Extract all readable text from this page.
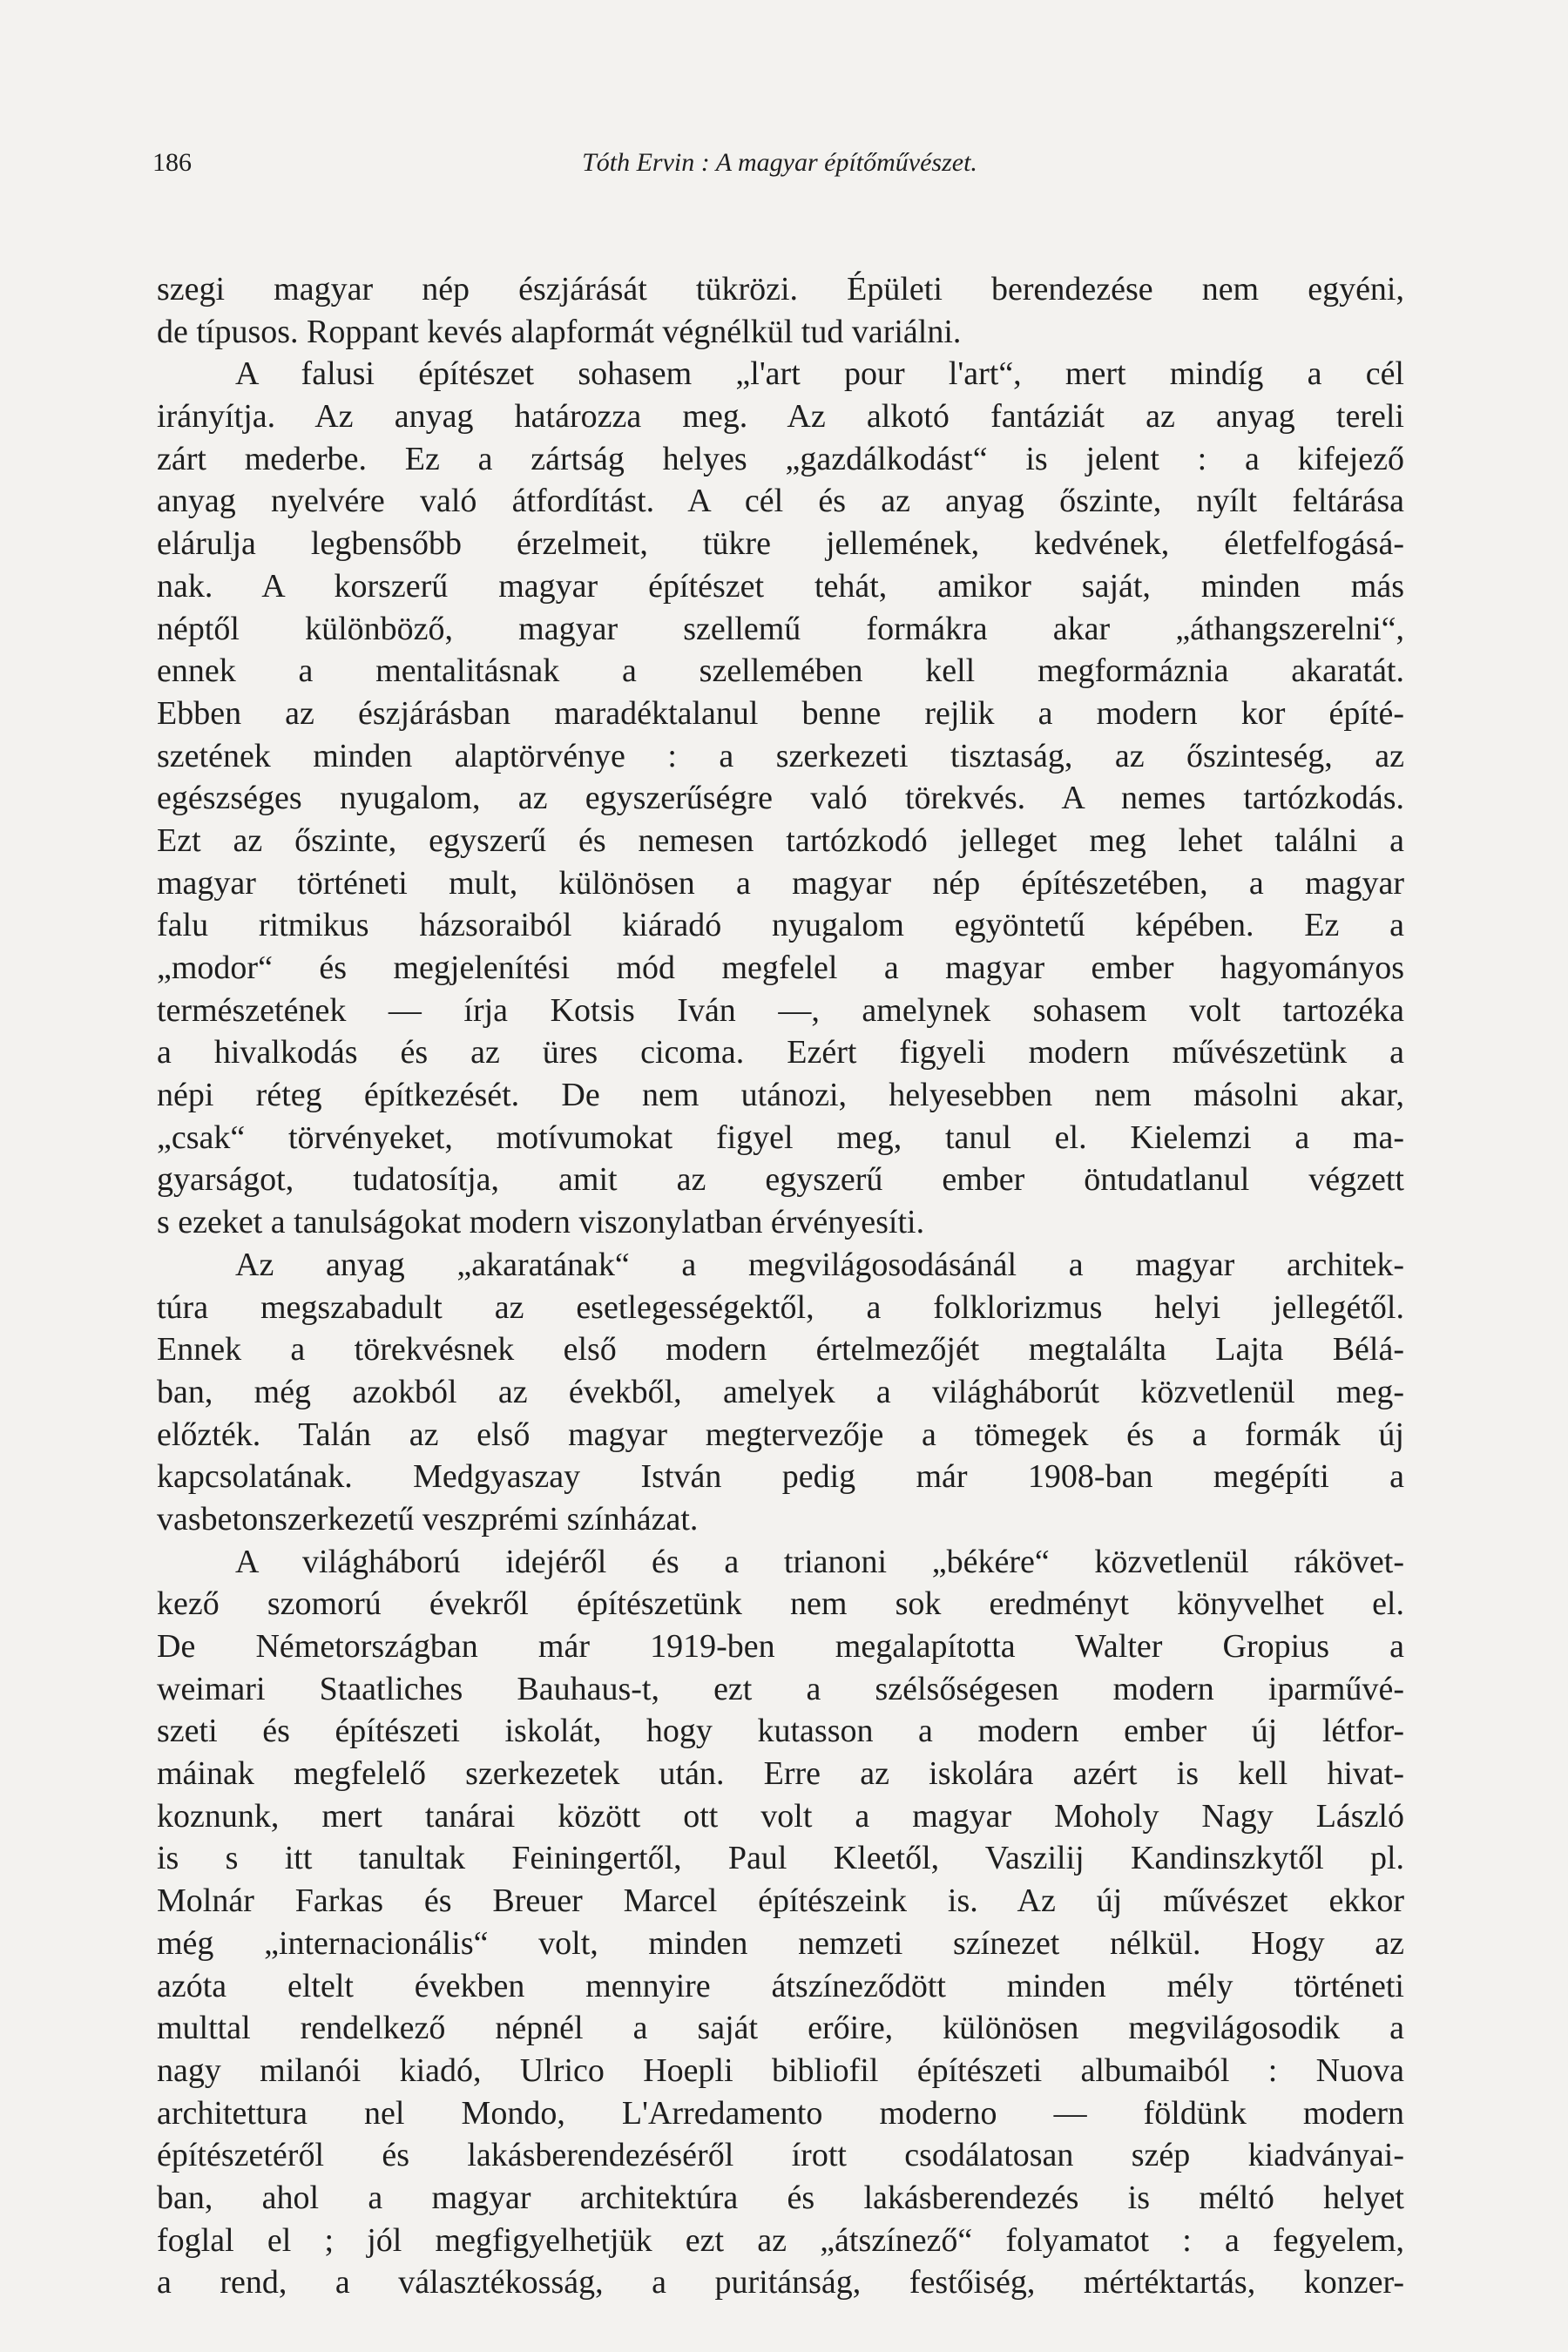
186	Tóth Ervin : A magyar építőművészet.
szegi magyar nép észjárását tükrözi. Épületi berendezése nem egyéni,
de típusos. Roppant kevés alapformát végnélkül tud variálni.
A falusi építészet sohasem „l'art pour l'art“, mert mindíg a cél
irányítja. Az anyag határozza meg. Az alkotó fantáziát az anyag tereli
zárt mederbe. Ez a zártság helyes „gazdálkodást“ is jelent : a kifejező
anyag nyelvére való átfordítást. A cél és az anyag őszinte, nyílt feltárása
elárulja legbensőbb érzelmeit, tükre jellemének, kedvének, életfelfogásá-
nak. A korszerű magyar építészet tehát, amikor saját, minden más
néptől különböző, magyar szellemű formákra akar „áthangszerelni“,
ennek a mentalitásnak a szellemében kell megformáznia akaratát.
Ebben az észjárásban maradéktalanul benne rejlik a modern kor építé-
szetének minden alaptörvénye : a szerkezeti tisztaság, az őszinteség, az
egészséges nyugalom, az egyszerűségre való törekvés. A nemes tartózkodás.
Ezt az őszinte, egyszerű és nemesen tartózkodó jelleget meg lehet találni a
magyar történeti mult, különösen a magyar nép építészetében, a magyar
falu ritmikus házsoraiból kiáradó nyugalom egyöntetű képében. Ez a
„modor“ és megjelenítési mód megfelel a magyar ember hagyományos
természetének — írja Kotsis Iván —, amelynek sohasem volt tartozéka
a hivalkodás és az üres cicoma. Ezért figyeli modern művészetünk a
népi réteg építkezését. De nem utánozi, helyesebben nem másolni akar,
„csak“ törvényeket, motívumokat figyel meg, tanul el. Kielemzi a ma-
gyarságot, tudatosítja, amit az egyszerű ember öntudatlanul végzett
s ezeket a tanulságokat modern viszonylatban érvényesíti.
Az anyag „akaratának“ a megvilágosodásánál a magyar architek-
túra megszabadult az esetlegességektől, a folklorizmus helyi jellegétől.
Ennek a törekvésnek első modern értelmezőjét megtalálta Lajta Bélá-
ban, még azokból az évekből, amelyek a világháborút közvetlenül meg-
előzték. Talán az első magyar megtervezője a tömegek és a formák új
kapcsolatának. Medgyaszay István pedig már 1908-ban megépíti a
vasbetonszerkezetű veszprémi színházat.
A világháború idejéről és a trianoni „békére“ közvetlenül rákövet-
kező szomorú évekről építészetünk nem sok eredményt könyvelhet el.
De Németországban már 1919-ben megalapította Walter Gropius a
weimari Staatliches Bauhaus-t, ezt a szélsőségesen modern iparművé-
szeti és építészeti iskolát, hogy kutasson a modern ember új létfor-
máinak megfelelő szerkezetek után. Erre az iskolára azért is kell hivat-
koznunk, mert tanárai között ott volt a magyar Moholy Nagy László
is s itt tanultak Feiningertől, Paul Kleetől, Vaszilij Kandinszkytől pl.
Molnár Farkas és Breuer Marcel építészeink is. Az új művészet ekkor
még „internacionális“ volt, minden nemzeti színezet nélkül. Hogy az
azóta eltelt években mennyire átszíneződött minden mély történeti
multtal rendelkező népnél a saját erőire, különösen megvilágosodik a
nagy milanói kiadó, Ulrico Hoepli bibliofil építészeti albumaiból : Nuova
architettura nel Mondo, L'Arredamento moderno — földünk modern
építészetéről és lakásberendezéséről írott csodálatosan szép kiadványai-
ban, ahol a magyar architektúra és lakásberendezés is méltó helyet
foglal el ; jól megfigyelhetjük ezt az „átszínező“ folyamatot : a fegyelem,
a rend, a választékosság, a puritánság, festőiség, mértéktartás, konzer-
